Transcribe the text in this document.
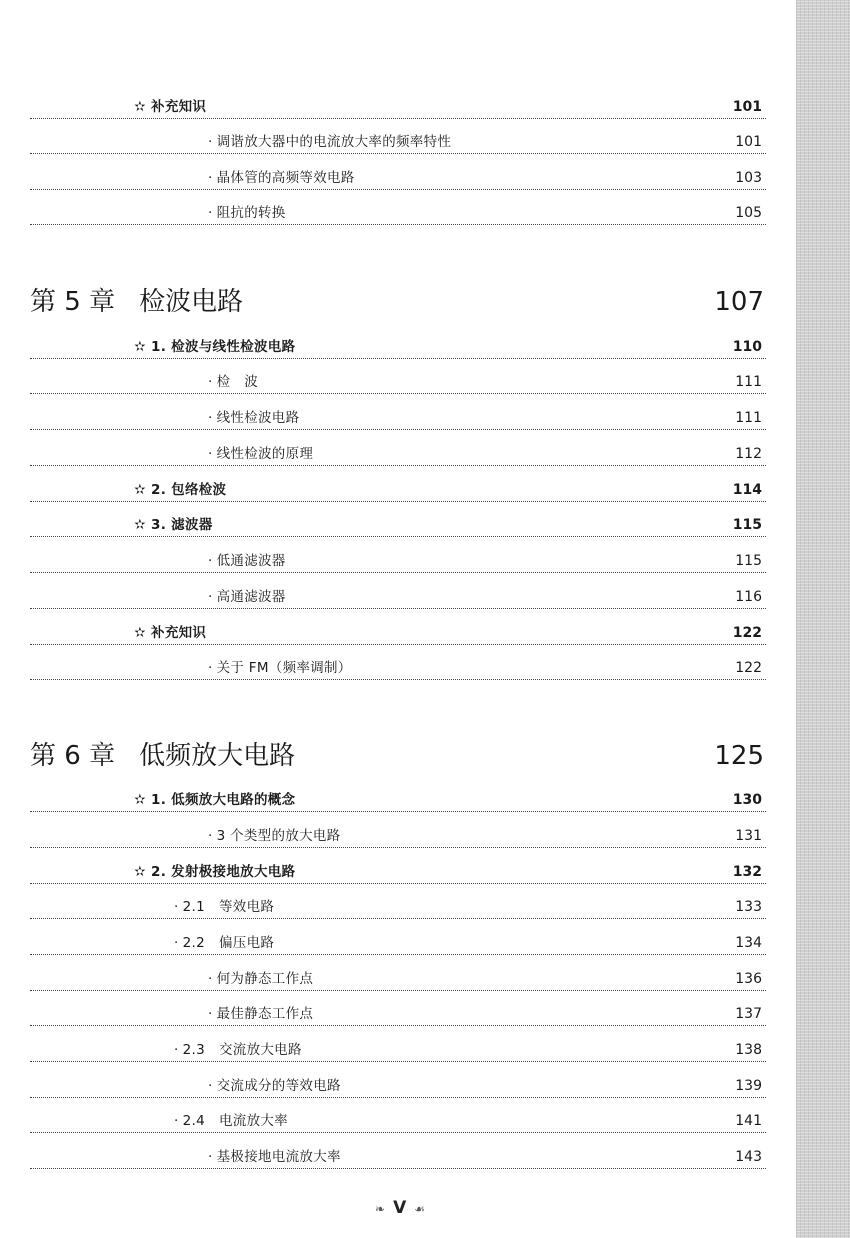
✫ 补充知识	101
· 调谐放大器中的电流放大率的频率特性	101
· 晶体管的高频等效电路	103
· 阻抗的转换	105
第 5 章 检波电路	107
✫ 1. 检波与线性检波电路	110
· 检　波	111
· 线性检波电路	111
· 线性检波的原理	112
✫ 2. 包络检波	114
✫ 3. 滤波器	115
· 低通滤波器	115
· 高通滤波器	116
✫ 补充知识	122
· 关于 FM（频率调制）	122
第 6 章 低频放大电路	125
✫ 1. 低频放大电路的概念	130
· 3 个类型的放大电路	131
✫ 2. 发射极接地放大电路	132
· 2.1 等效电路	133
· 2.2 偏压电路	134
· 何为静态工作点	136
· 最佳静态工作点	137
· 2.3 交流放大电路	138
· 交流成分的等效电路	139
· 2.4 电流放大率	141
· 基极接地电流放大率	143
❧ V ☙
